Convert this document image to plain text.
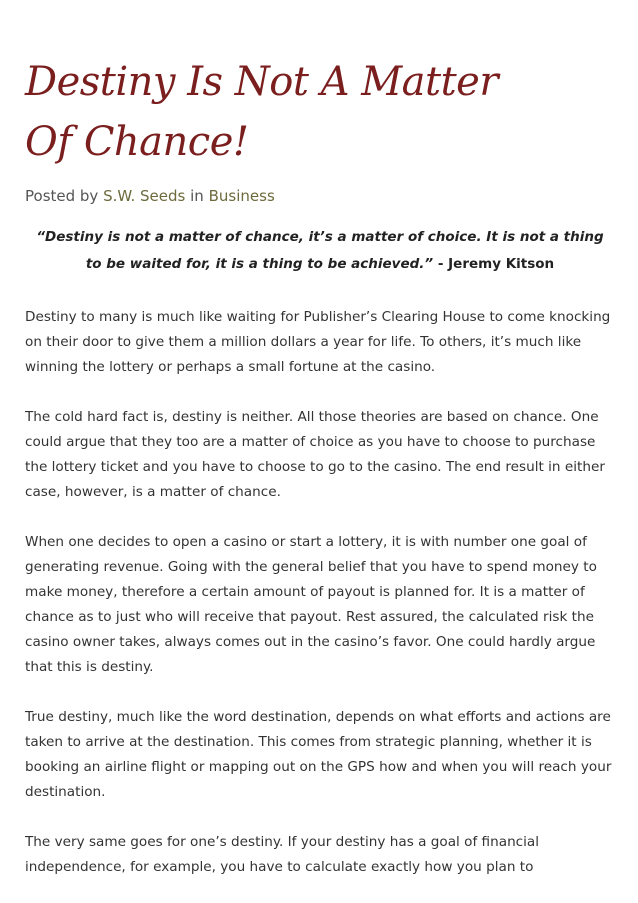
Destiny Is Not A Matter
Of Chance!
Posted by S.W. Seeds in Business
“Destiny is not a matter of chance, it’s a matter of choice. It is not a thing to be waited for, it is a thing to be achieved.” - Jeremy Kitson

Destiny to many is much like waiting for Publisher’s Clearing House to come knocking on their door to give them a million dollars a year for life. To others, it’s much like winning the lottery or perhaps a small fortune at the casino.

The cold hard fact is, destiny is neither. All those theories are based on chance. One could argue that they too are a matter of choice as you have to choose to purchase the lottery ticket and you have to choose to go to the casino. The end result in either case, however, is a matter of chance.

When one decides to open a casino or start a lottery, it is with number one goal of generating revenue. Going with the general belief that you have to spend money to make money, therefore a certain amount of payout is planned for. It is a matter of chance as to just who will receive that payout. Rest assured, the calculated risk the casino owner takes, always comes out in the casino’s favor. One could hardly argue that this is destiny.

True destiny, much like the word destination, depends on what efforts and actions are taken to arrive at the destination. This comes from strategic planning, whether it is booking an airline flight or mapping out on the GPS how and when you will reach your destination.

The very same goes for one’s destiny. If your destiny has a goal of financial independence, for example, you have to calculate exactly how you plan to
